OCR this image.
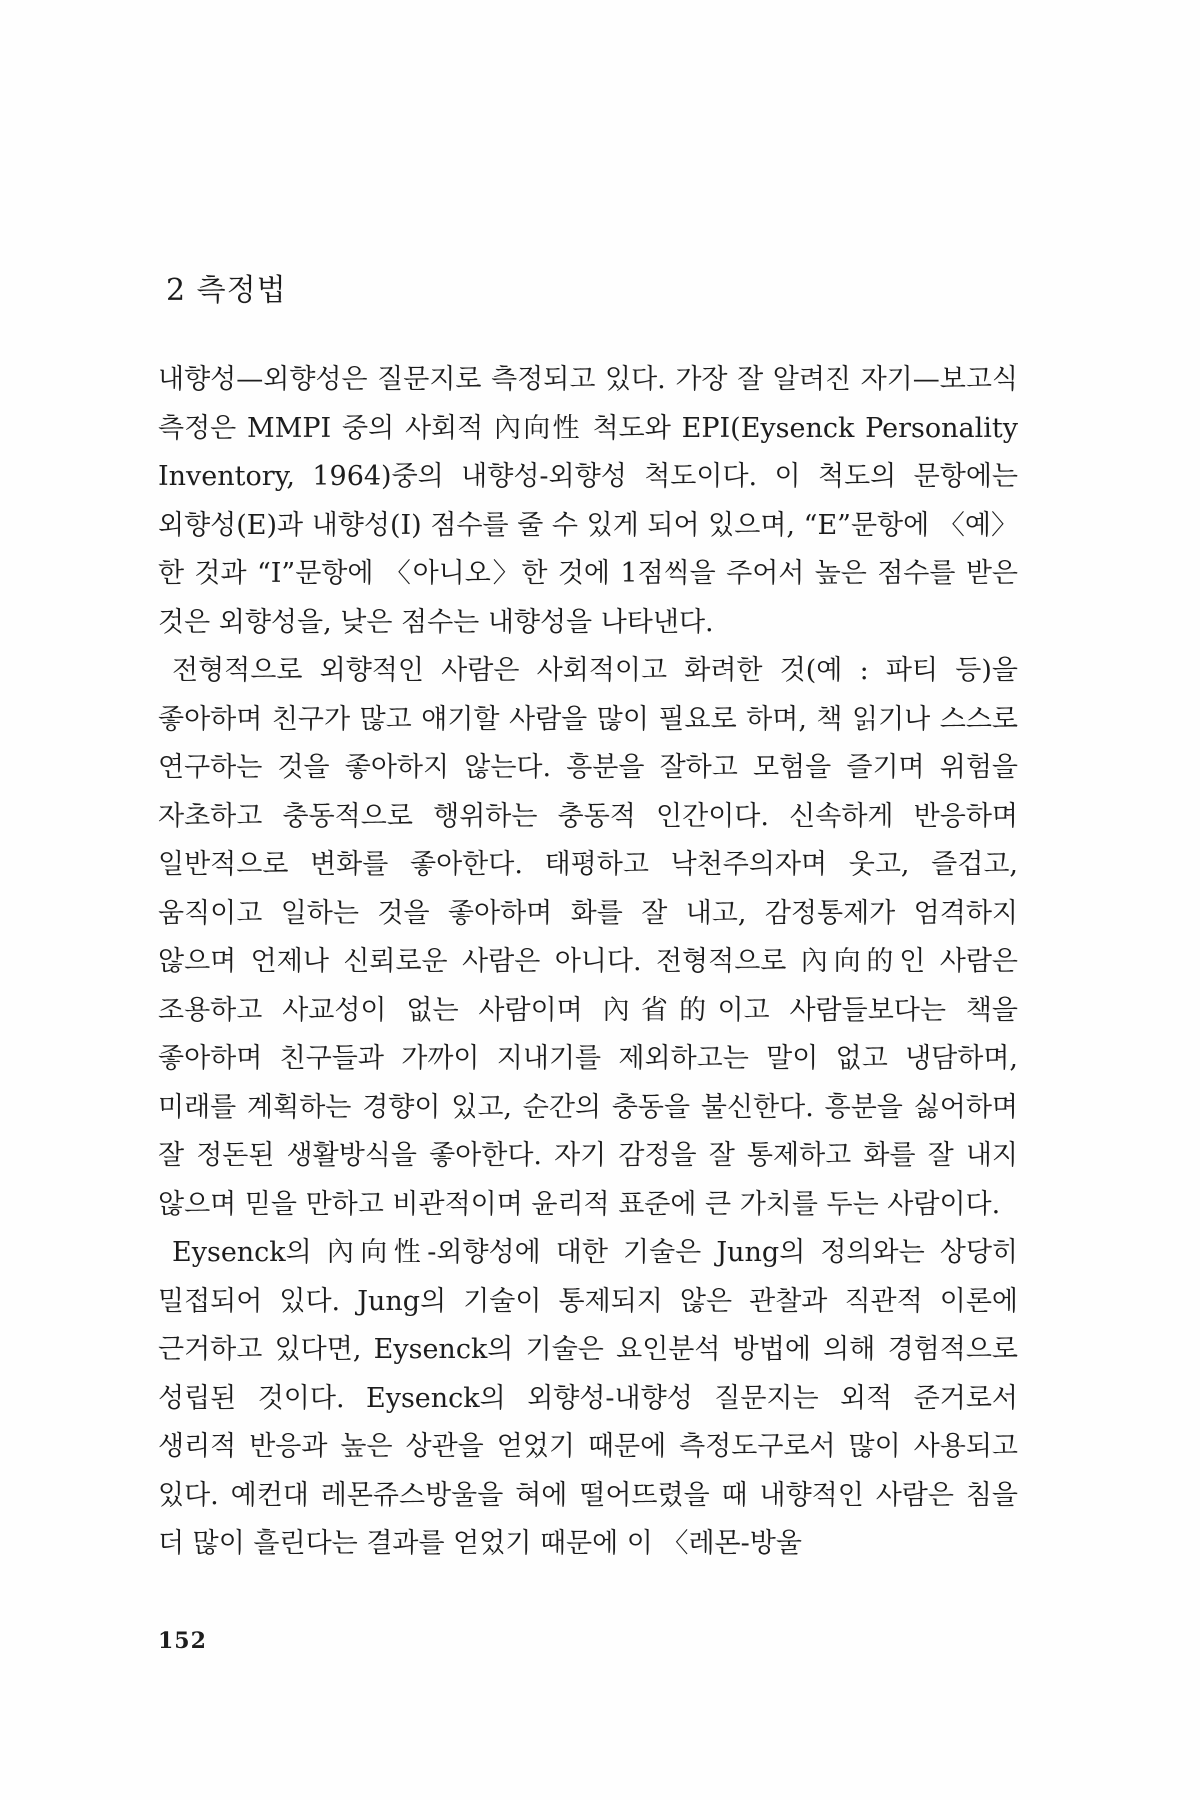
2 측정법

내향성—외향성은 질문지로 측정되고 있다. 가장 잘 알려진 자기—보고식 측정은 MMPI 중의 사회적 內向性 척도와 EPI(Eysenck Personality Inventory, 1964)중의 내향성-외향성 척도이다. 이 척도의 문항에는 외향성(E)과 내향성(I) 점수를 줄 수 있게 되어 있으며, “E”문항에 〈예〉한 것과 “I”문항에 〈아니오〉한 것에 1점씩을 주어서 높은 점수를 받은 것은 외향성을, 낮은 점수는 내향성을 나타낸다.

전형적으로 외향적인 사람은 사회적이고 화려한 것(예 : 파티 등)을 좋아하며 친구가 많고 얘기할 사람을 많이 필요로 하며, 책 읽기나 스스로 연구하는 것을 좋아하지 않는다. 흥분을 잘하고 모험을 즐기며 위험을 자초하고 충동적으로 행위하는 충동적 인간이다. 신속하게 반응하며 일반적으로 변화를 좋아한다. 태평하고 낙천주의자며 웃고, 즐겁고, 움직이고 일하는 것을 좋아하며 화를 잘 내고, 감정통제가 엄격하지 않으며 언제나 신뢰로운 사람은 아니다. 전형적으로 內向的인 사람은 조용하고 사교성이 없는 사람이며 內省的이고 사람들보다는 책을 좋아하며 친구들과 가까이 지내기를 제외하고는 말이 없고 냉담하며, 미래를 계획하는 경향이 있고, 순간의 충동을 불신한다. 흥분을 싫어하며 잘 정돈된 생활방식을 좋아한다. 자기 감정을 잘 통제하고 화를 잘 내지 않으며 믿을 만하고 비관적이며 윤리적 표준에 큰 가치를 두는 사람이다.

Eysenck의 內向性-외향성에 대한 기술은 Jung의 정의와는 상당히 밀접되어 있다. Jung의 기술이 통제되지 않은 관찰과 직관적 이론에 근거하고 있다면, Eysenck의 기술은 요인분석 방법에 의해 경험적으로 성립된 것이다. Eysenck의 외향성-내향성 질문지는 외적 준거로서 생리적 반응과 높은 상관을 얻었기 때문에 측정도구로서 많이 사용되고 있다. 예컨대 레몬쥬스방울을 혀에 떨어뜨렸을 때 내향적인 사람은 침을 더 많이 흘린다는 결과를 얻었기 때문에 이 〈레몬-방울

152
